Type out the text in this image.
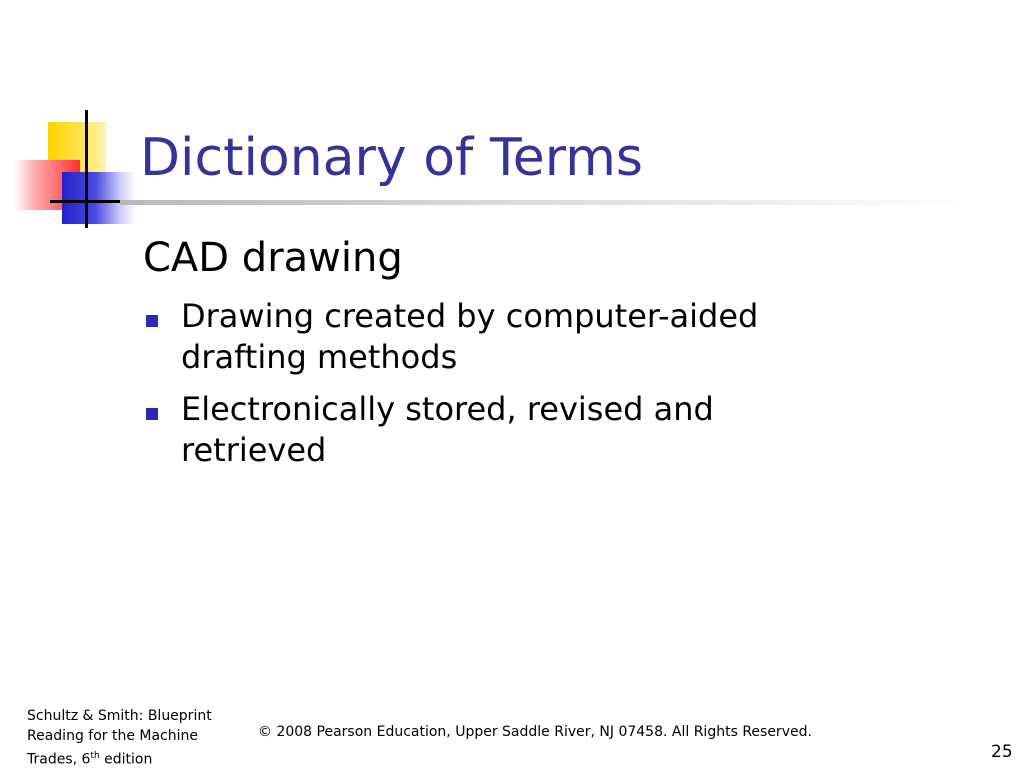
Dictionary of Terms
CAD drawing
Drawing created by computer-aided drafting methods
Electronically stored, revised and retrieved
Schultz & Smith: Blueprint
Reading for the Machine
Trades, 6th edition
© 2008 Pearson Education, Upper Saddle River, NJ 07458. All Rights Reserved.
25
